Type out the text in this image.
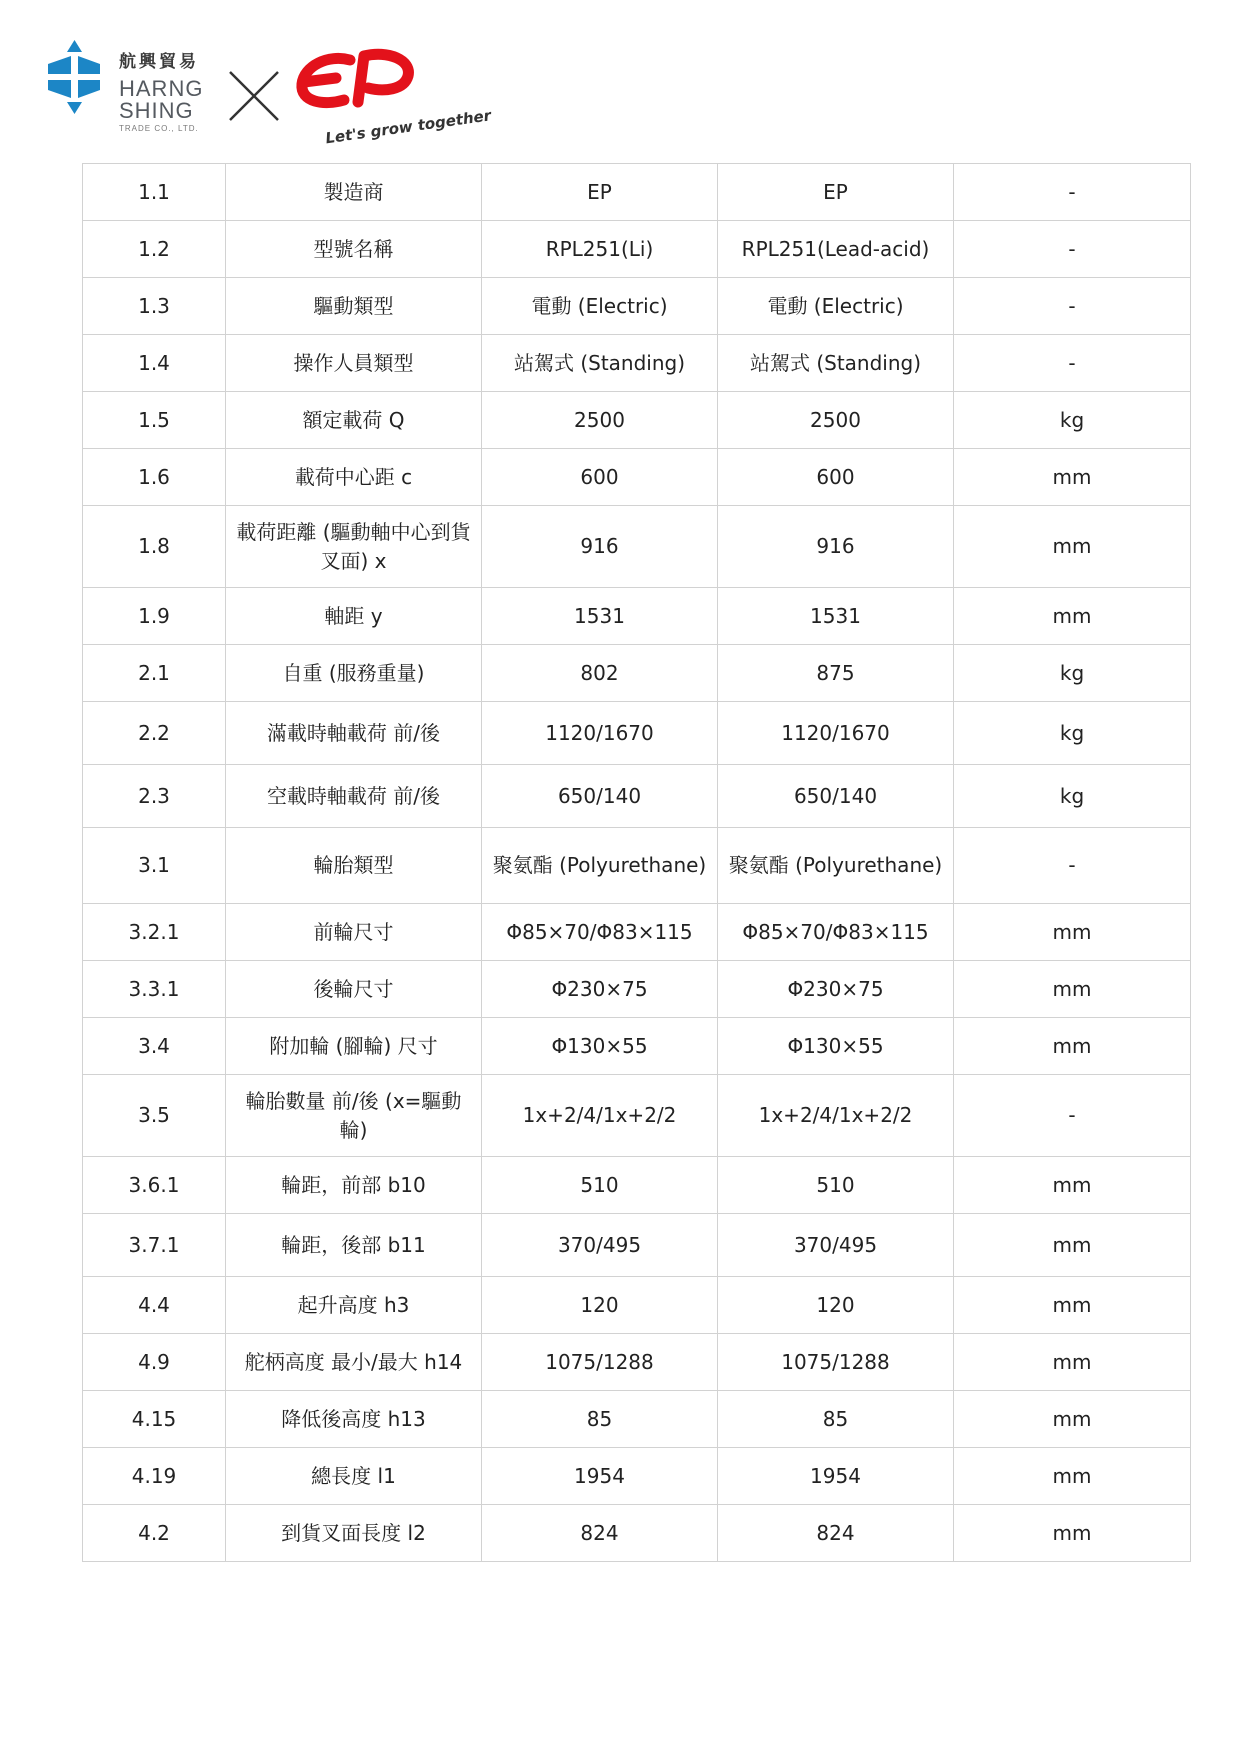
航興貿易
HARNG
SHING
TRADE CO., LTD.	Let's grow together
1.1	製造商	EP	EP	-
1.2	型號名稱	RPL251(Li)	RPL251(Lead-acid)	-
1.3	驅動類型	電動 (Electric)	電動 (Electric)	-
1.4	操作人員類型	站駕式 (Standing)	站駕式 (Standing)	-
1.5	額定載荷 Q	2500	2500	kg
1.6	載荷中心距 c	600	600	mm
1.8	載荷距離 (驅動軸中心到貨叉面) x	916	916	mm
1.9	軸距 y	1531	1531	mm
2.1	自重 (服務重量)	802	875	kg
2.2	滿載時軸載荷 前/後	1120/1670	1120/1670	kg
2.3	空載時軸載荷 前/後	650/140	650/140	kg
3.1	輪胎類型	聚氨酯 (Polyurethane)	聚氨酯 (Polyurethane)	-
3.2.1	前輪尺寸	Φ85×70/Φ83×115	Φ85×70/Φ83×115	mm
3.3.1	後輪尺寸	Φ230×75	Φ230×75	mm
3.4	附加輪 (腳輪) 尺寸	Φ130×55	Φ130×55	mm
3.5	輪胎數量 前/後 (x=驅動輪)	1x+2/4/1x+2/2	1x+2/4/1x+2/2	-
3.6.1	輪距，前部 b10	510	510	mm
3.7.1	輪距，後部 b11	370/495	370/495	mm
4.4	起升高度 h3	120	120	mm
4.9	舵柄高度 最小/最大 h14	1075/1288	1075/1288	mm
4.15	降低後高度 h13	85	85	mm
4.19	總長度 l1	1954	1954	mm
4.2	到貨叉面長度 l2	824	824	mm
